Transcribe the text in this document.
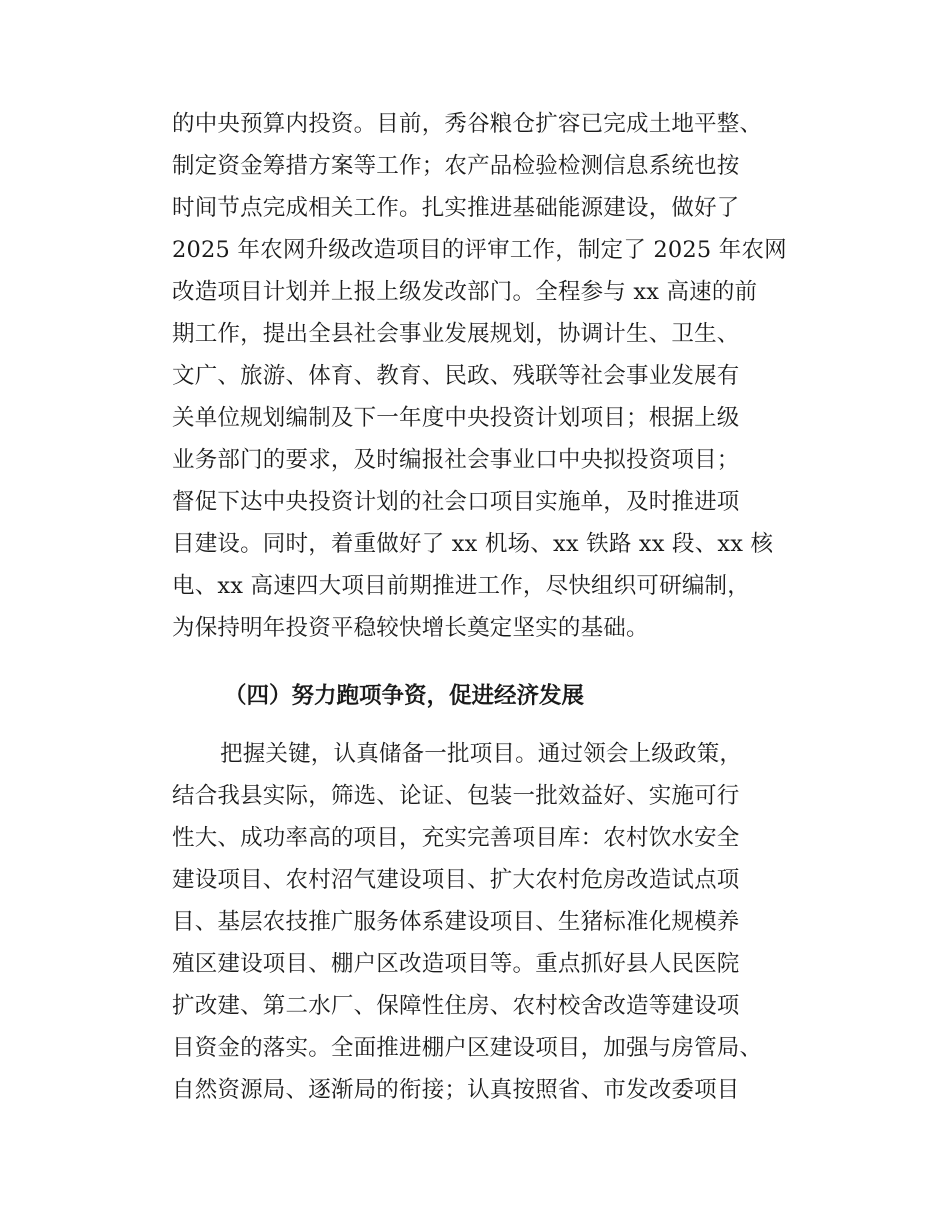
的中央预算内投资。目前，秀谷粮仓扩容已完成土地平整、
制定资金筹措方案等工作；农产品检验检测信息系统也按
时间节点完成相关工作。扎实推进基础能源建设，做好了
2025 年农网升级改造项目的评审工作，制定了 2025 年农网
改造项目计划并上报上级发改部门。全程参与 xx 高速的前
期工作，提出全县社会事业发展规划，协调计生、卫生、
文广、旅游、体育、教育、民政、残联等社会事业发展有
关单位规划编制及下一年度中央投资计划项目；根据上级
业务部门的要求，及时编报社会事业口中央拟投资项目；
督促下达中央投资计划的社会口项目实施单，及时推进项
目建设。同时，着重做好了 xx 机场、xx 铁路 xx 段、xx 核
电、xx 高速四大项目前期推进工作，尽快组织可研编制，
为保持明年投资平稳较快增长奠定坚实的基础。
（四）努力跑项争资，促进经济发展
把握关键，认真储备一批项目。通过领会上级政策，
结合我县实际，筛选、论证、包装一批效益好、实施可行
性大、成功率高的项目，充实完善项目库：农村饮水安全
建设项目、农村沼气建设项目、扩大农村危房改造试点项
目、基层农技推广服务体系建设项目、生猪标准化规模养
殖区建设项目、棚户区改造项目等。重点抓好县人民医院
扩改建、第二水厂、保障性住房、农村校舍改造等建设项
目资金的落实。全面推进棚户区建设项目，加强与房管局、
自然资源局、逐渐局的衔接；认真按照省、市发改委项目
